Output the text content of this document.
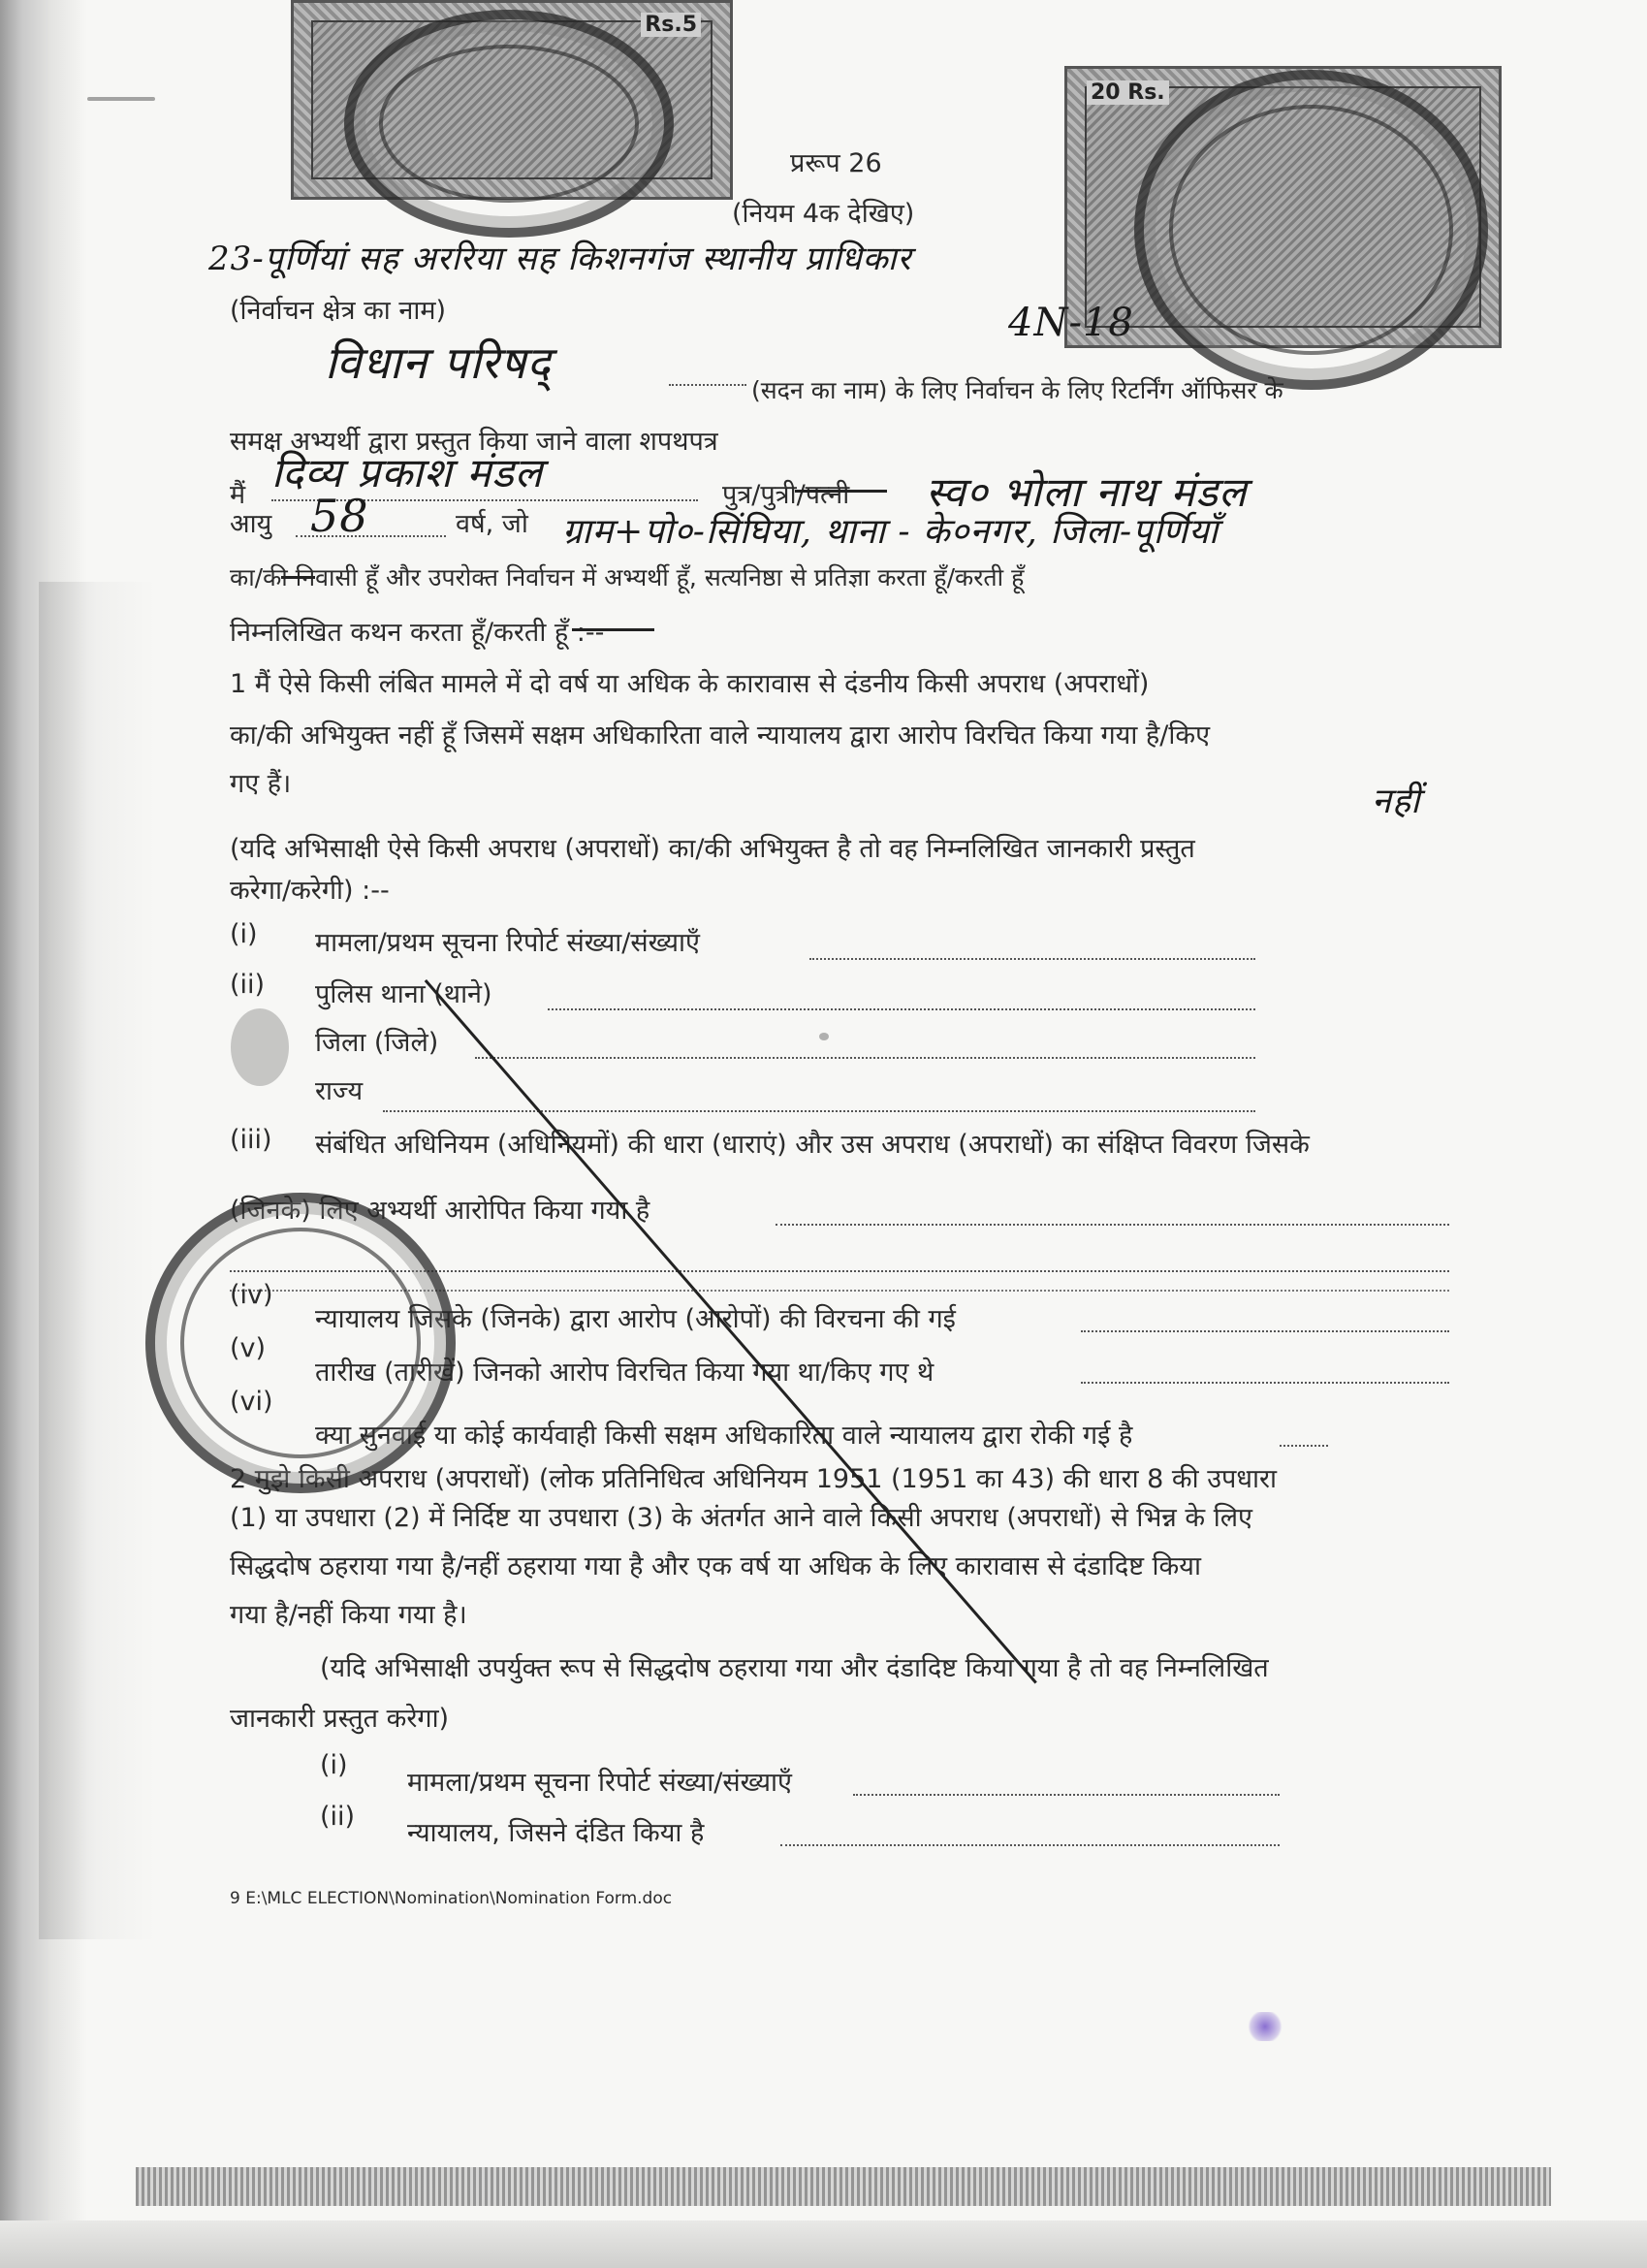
Rs.5
20 Rs.
प्ररूप 26
(नियम 4क देखिए)
23-पूर्णियां सह अररिया सह किशनगंज स्थानीय प्राधिकार
(निर्वाचन क्षेत्र का नाम)	4N-18
विधान परिषद्
(सदन का नाम) के लिए निर्वाचन के लिए रिटर्निंग ऑफिसर के
समक्ष अभ्यर्थी द्वारा प्रस्तुत किया जाने वाला शपथपत्र
मैं दिव्य प्रकाश मंडल	पुत्र/पुत्री/पत्नी स्व० भोला नाथ मंडल
आयु 58	वर्ष, जो ग्राम+पो०-सिंघिया, थाना - के०नगर, जिला-पूर्णियाँ
का/की निवासी हूँ और उपरोक्त निर्वाचन में अभ्यर्थी हूँ, सत्यनिष्ठा से प्रतिज्ञा करता हूँ/करती हूँ
निम्नलिखित कथन करता हूँ/करती हूँ :--
1 मैं ऐसे किसी लंबित मामले में दो वर्ष या अधिक के कारावास से दंडनीय किसी अपराध (अपराधों)
का/की अभियुक्त नहीं हूँ जिसमें सक्षम अधिकारिता वाले न्यायालय द्वारा आरोप विरचित किया गया है/किए
गए हैं।	नहीं
(यदि अभिसाक्षी ऐसे किसी अपराध (अपराधों) का/की अभियुक्त है तो वह निम्नलिखित जानकारी प्रस्तुत
करेगा/करेगी) :--
(i) मामला/प्रथम सूचना रिपोर्ट संख्या/संख्याएँ
(ii) पुलिस थाना (थाने)
जिला (जिले)
राज्य
(iii) संबंधित अधिनियम (अधिनियमों) की धारा (धाराएं) और उस अपराध (अपराधों) का संक्षिप्त विवरण जिसके
(जिनके) लिए अभ्यर्थी आरोपित किया गया है
(iv)
न्यायालय जिसके (जिनके) द्वारा आरोप (आरोपों) की विरचना की गई
(v)
तारीख (तारीखें) जिनको आरोप विरचित किया गया था/किए गए थे
(vi)
क्या सुनवाई या कोई कार्यवाही किसी सक्षम अधिकारिता वाले न्यायालय द्वारा रोकी गई है
2 मुझे किसी अपराध (अपराधों) (लोक प्रतिनिधित्व अधिनियम 1951 (1951 का 43) की धारा 8 की उपधारा
(1) या उपधारा (2) में निर्दिष्ट या उपधारा (3) के अंतर्गत आने वाले किसी अपराध (अपराधों) से भिन्न के लिए
सिद्धदोष ठहराया गया है/नहीं ठहराया गया है और एक वर्ष या अधिक के लिए कारावास से दंडादिष्ट किया
गया है/नहीं किया गया है।
(यदि अभिसाक्षी उपर्युक्त रूप से सिद्धदोष ठहराया गया और दंडादिष्ट किया गया है तो वह निम्नलिखित
जानकारी प्रस्तुत करेगा)
(i)
मामला/प्रथम सूचना रिपोर्ट संख्या/संख्याएँ
(ii)
न्यायालय, जिसने दंडित किया है
9 E:\MLC ELECTION\Nomination\Nomination Form.doc
